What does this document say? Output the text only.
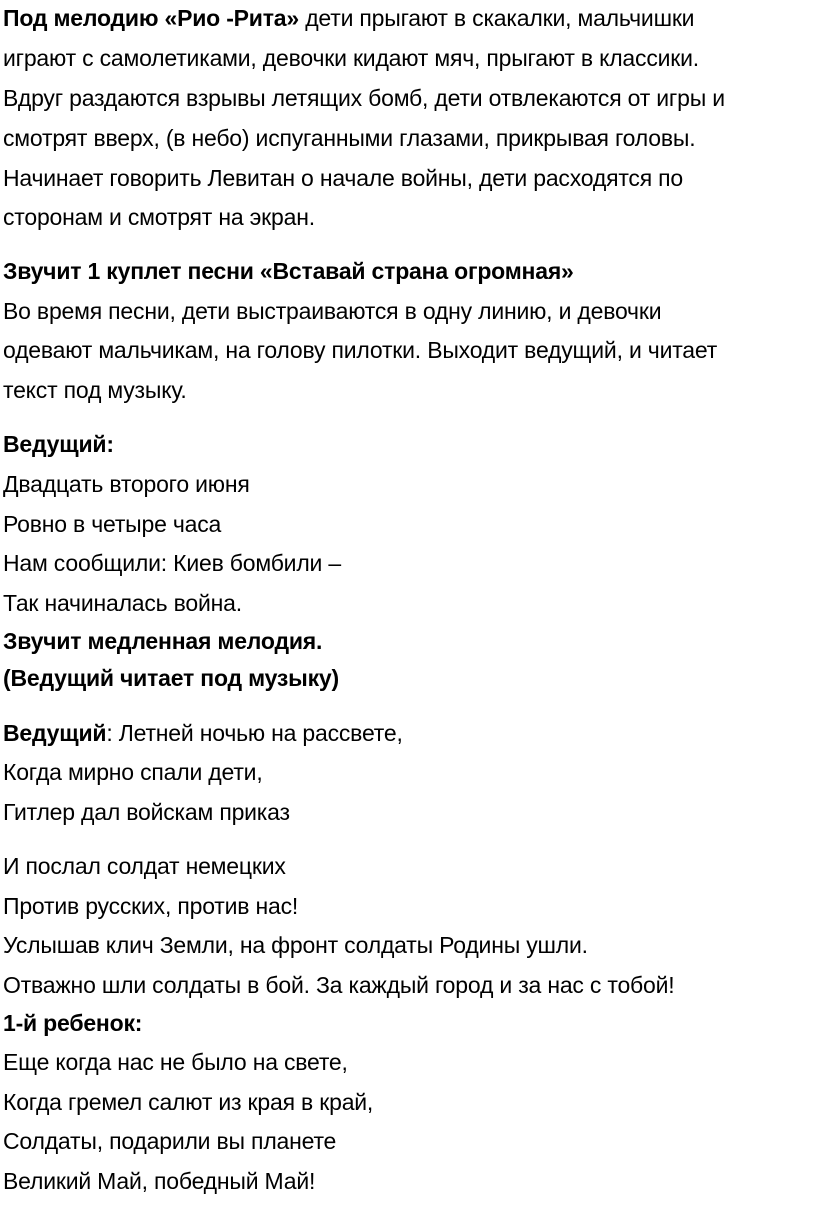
Под мелодию «Рио -Рита» дети прыгают в скакалки, мальчишки
играют с самолетиками, девочки кидают мяч, прыгают в классики.
Вдруг раздаются взрывы летящих бомб, дети отвлекаются от игры и
смотрят вверх, (в небо) испуганными глазами, прикрывая головы.
Начинает говорить Левитан о начале войны, дети расходятся по
сторонам и смотрят на экран.
Звучит 1 куплет песни «Вставай страна огромная»
Во время песни, дети выстраиваются в одну линию, и девочки
одевают мальчикам, на голову пилотки. Выходит ведущий, и читает
текст под музыку.
Ведущий:
Двадцать второго июня
Ровно в четыре часа
Нам сообщили: Киев бомбили –
Так начиналась война.
Звучит медленная мелодия.
(Ведущий читает под музыку)
Ведущий: Летней ночью на рассвете,
Когда мирно спали дети,
Гитлер дал войскам приказ
И послал солдат немецких
Против русских, против нас!
Услышав клич Земли, на фронт солдаты Родины ушли.
Отважно шли солдаты в бой. За каждый город и за нас с тобой!
1-й ребенок:
Еще когда нас не было на свете,
Когда гремел салют из края в край,
Солдаты, подарили вы планете
Великий Май, победный Май!
